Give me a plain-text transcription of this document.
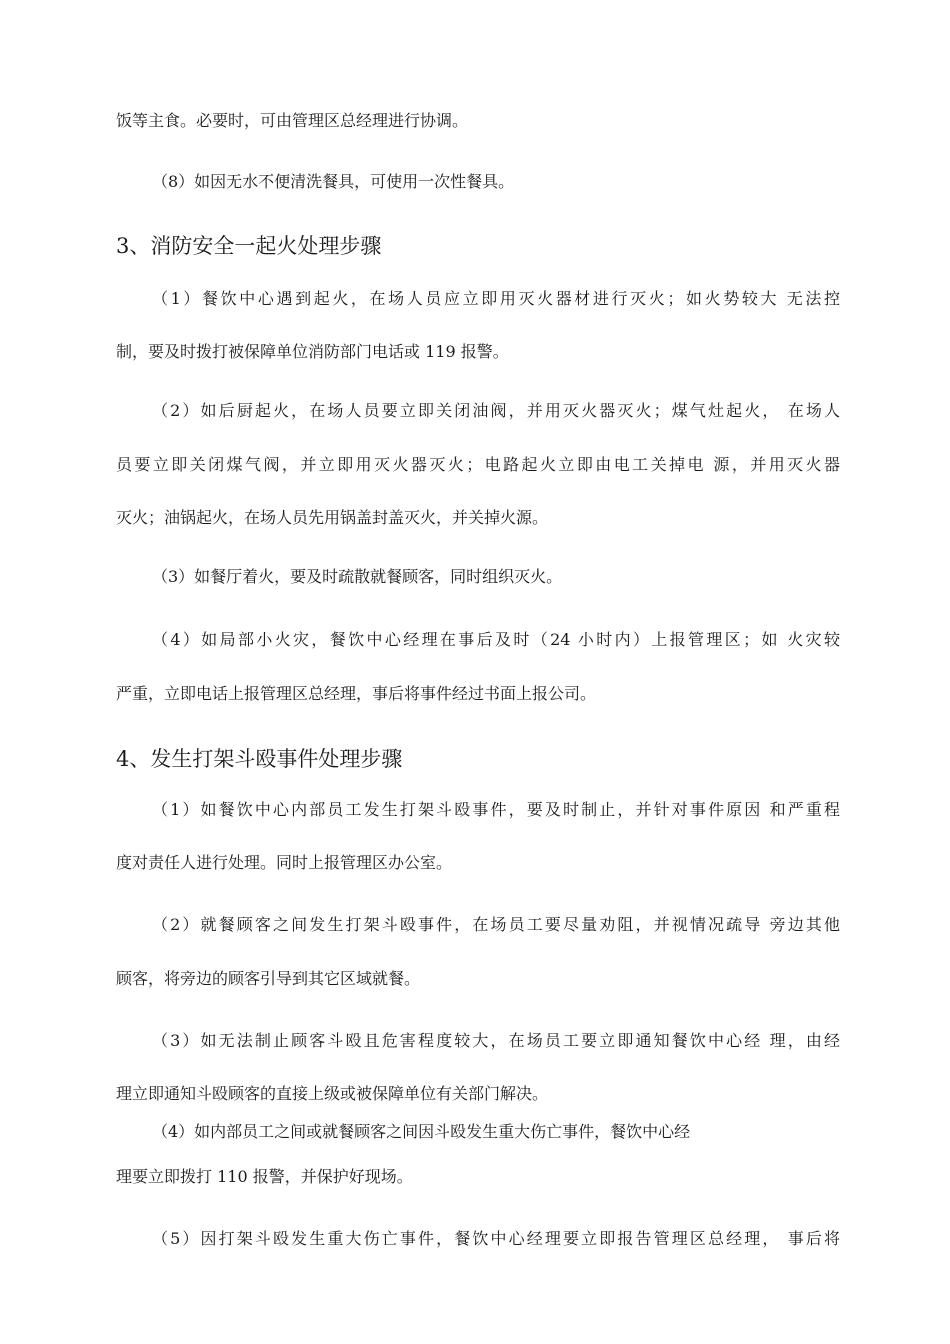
饭等主食。必要时，可由管理区总经理进行协调。
（8）如因无水不便清洗餐具，可使用一次性餐具。
3、消防安全一起火处理步骤
（1）餐饮中心遇到起火，在场人员应立即用灭火器材进行灭火；如火势较大 无法控
制，要及时拨打被保障单位消防部门电话或 119 报警。
（2）如后厨起火，在场人员要立即关闭油阀，并用灭火器灭火；煤气灶起火， 在场人
员要立即关闭煤气阀，并立即用灭火器灭火；电路起火立即由电工关掉电 源，并用灭火器
灭火；油锅起火，在场人员先用锅盖封盖灭火，并关掉火源。
（3）如餐厅着火，要及时疏散就餐顾客，同时组织灭火。
（4）如局部小火灾，餐饮中心经理在事后及时（24 小时内）上报管理区；如 火灾较
严重，立即电话上报管理区总经理，事后将事件经过书面上报公司。
4、发生打架斗殴事件处理步骤
（1）如餐饮中心内部员工发生打架斗殴事件，要及时制止，并针对事件原因 和严重程
度对责任人进行处理。同时上报管理区办公室。
（2）就餐顾客之间发生打架斗殴事件，在场员工要尽量劝阻，并视情况疏导 旁边其他
顾客，将旁边的顾客引导到其它区域就餐。
（3）如无法制止顾客斗殴且危害程度较大，在场员工要立即通知餐饮中心经 理，由经
理立即通知斗殴顾客的直接上级或被保障单位有关部门解决。
（4）如内部员工之间或就餐顾客之间因斗殴发生重大伤亡事件，餐饮中心经
理要立即拨打 110 报警，并保护好现场。
（5）因打架斗殴发生重大伤亡事件，餐饮中心经理要立即报告管理区总经理， 事后将
